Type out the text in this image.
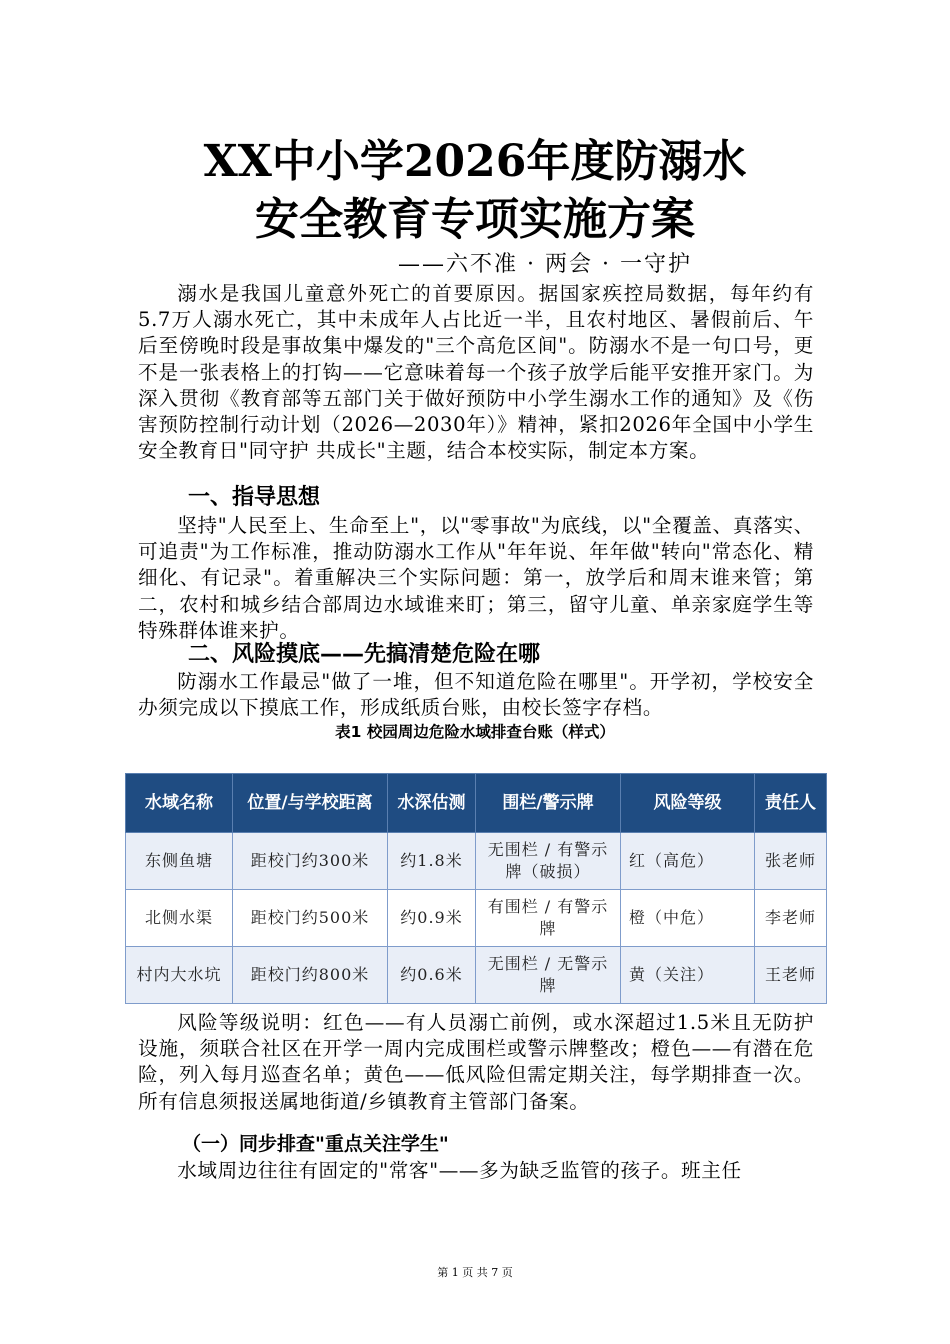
XX中小学2026年度防溺水
安全教育专项实施方案
——六不准 · 两会 · 一守护

溺水是我国儿童意外死亡的首要原因。据国家疾控局数据，每年约有5.7万人溺水死亡，其中未成年人占比近一半，且农村地区、暑假前后、午后至傍晚时段是事故集中爆发的"三个高危区间"。防溺水不是一句口号，更不是一张表格上的打钩——它意味着每一个孩子放学后能平安推开家门。为深入贯彻《教育部等五部门关于做好预防中小学生溺水工作的通知》及《伤害预防控制行动计划（2026—2030年）》精神，紧扣2026年全国中小学生安全教育日"同守护 共成长"主题，结合本校实际，制定本方案。

一、指导思想

坚持"人民至上、生命至上"，以"零事故"为底线，以"全覆盖、真落实、可追责"为工作标准，推动防溺水工作从"年年说、年年做"转向"常态化、精细化、有记录"。着重解决三个实际问题：第一，放学后和周末谁来管；第二，农村和城乡结合部周边水域谁来盯；第三，留守儿童、单亲家庭学生等特殊群体谁来护。

二、风险摸底——先搞清楚危险在哪

防溺水工作最忌"做了一堆，但不知道危险在哪里"。开学初，学校安全办须完成以下摸底工作，形成纸质台账，由校长签字存档。

表1 校园周边危险水域排查台账（样式）
水域名称	位置/与学校距离	水深估测	围栏/警示牌	风险等级	责任人
东侧鱼塘	距校门约300米	约1.8米	无围栏 / 有警示牌（破损）	红（高危）	张老师
北侧水渠	距校门约500米	约0.9米	有围栏 / 有警示牌	橙（中危）	李老师
村内大水坑	距校门约800米	约0.6米	无围栏 / 无警示牌	黄（关注）	王老师

风险等级说明：红色——有人员溺亡前例，或水深超过1.5米且无防护设施，须联合社区在开学一周内完成围栏或警示牌整改；橙色——有潜在危险，列入每月巡查名单；黄色——低风险但需定期关注，每学期排查一次。所有信息须报送属地街道/乡镇教育主管部门备案。

（一）同步排查"重点关注学生"

水域周边往往有固定的"常客"——多为缺乏监管的孩子。班主任

第 1 页 共 7 页
